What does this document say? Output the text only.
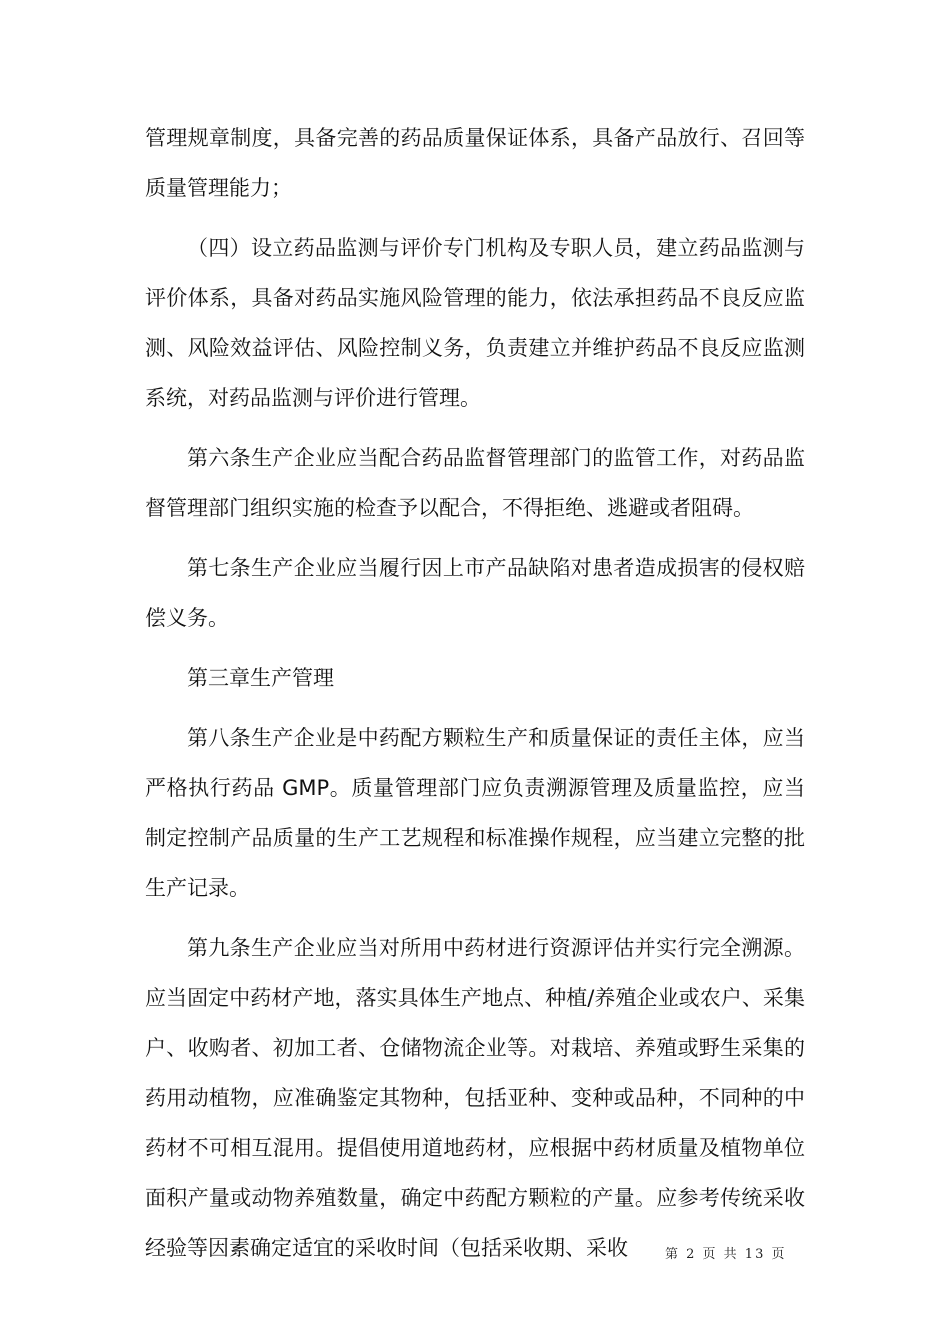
管理规章制度，具备完善的药品质量保证体系，具备产品放行、召回等质量管理能力；

（四）设立药品监测与评价专门机构及专职人员，建立药品监测与评价体系，具备对药品实施风险管理的能力，依法承担药品不良反应监测、风险效益评估、风险控制义务，负责建立并维护药品不良反应监测系统，对药品监测与评价进行管理。

第六条生产企业应当配合药品监督管理部门的监管工作，对药品监督管理部门组织实施的检查予以配合，不得拒绝、逃避或者阻碍。

第七条生产企业应当履行因上市产品缺陷对患者造成损害的侵权赔偿义务。

第三章生产管理

第八条生产企业是中药配方颗粒生产和质量保证的责任主体，应当严格执行药品 GMP。质量管理部门应负责溯源管理及质量监控，应当制定控制产品质量的生产工艺规程和标准操作规程，应当建立完整的批生产记录。

第九条生产企业应当对所用中药材进行资源评估并实行完全溯源。应当固定中药材产地，落实具体生产地点、种植/养殖企业或农户、采集户、收购者、初加工者、仓储物流企业等。对栽培、养殖或野生采集的药用动植物，应准确鉴定其物种，包括亚种、变种或品种，不同种的中药材不可相互混用。提倡使用道地药材，应根据中药材质量及植物单位面积产量或动物养殖数量，确定中药配方颗粒的产量。应参考传统采收经验等因素确定适宜的采收时间（包括采收期、采收	第 2 页 共 13 页
